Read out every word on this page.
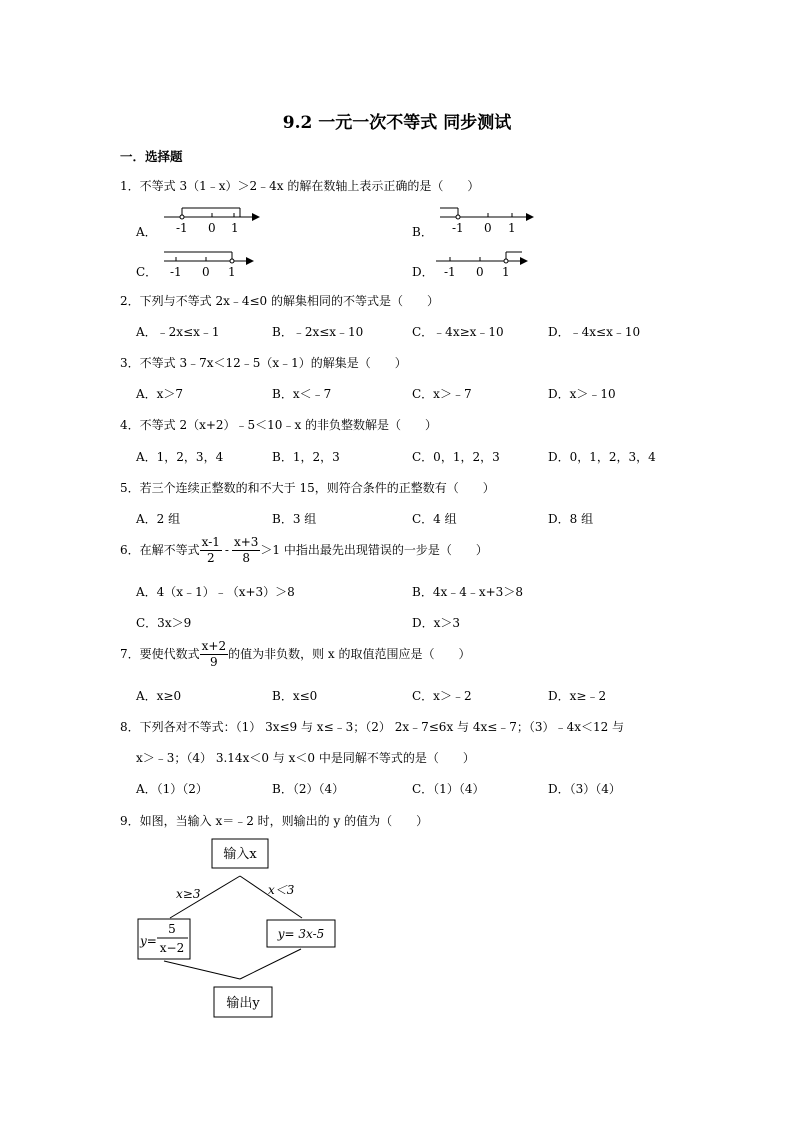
9.2 一元一次不等式 同步测试
一．选择题
1．不等式 3（1﹣x）＞2﹣4x 的解在数轴上表示正确的是（　　）
A．	B．
C．	D．
-1 0 1	-1 0 1
-1 0 1	-1 0 1
2．下列与不等式 2x﹣4≤0 的解集相同的不等式是（　　）
A．﹣2x≤x﹣1	B．﹣2x≤x﹣10	C．﹣4x≥x﹣10	D．﹣4x≤x﹣10
3．不等式 3﹣7x＜12﹣5（x﹣1）的解集是（　　）
A．x＞7	B．x＜﹣7	C．x＞﹣7	D．x＞﹣10
4．不等式 2（x+2）﹣5＜10﹣x 的非负整数解是（　　）
A．1，2，3，4	B．1，2，3	C．0，1，2，3	D．0，1，2，3，4
5．若三个连续正整数的和不大于 15，则符合条件的正整数有（　　）
A．2 组	B．3 组	C．4 组	D．8 组
6．在解不等式 $\frac{x-1}{2} - \frac{x+3}{8} >1$ 中指出最先出现错误的一步是（　　）
A．4（x﹣1）﹣（x+3）＞8	B．4x﹣4﹣x+3＞8
C．3x＞9	D．x＞3
7．要使代数式 $\frac{x+2}{9}$ 的值为非负数，则 x 的取值范围应是（　　）
A．x≥0	B．x≤0	C．x＞﹣2	D．x≥﹣2
8．下列各对不等式：（1） 3x≤9 与 x≤﹣3；（2） 2x﹣7≤6x 与 4x≤﹣7；（3）﹣4x＜12 与
x＞﹣3；（4） 3.14x＜0 与 x＜0 中是同解不等式的是（　　）
A．（1）（2）	B．（2）（4）	C．（1）（4）	D．（3）（4）
9．如图，当输入 x＝﹣2 时，则输出的 y 的值为（　　）
输入x
x≥3	x＜3
y=
5
x−2
y= 3x-5
输出y
